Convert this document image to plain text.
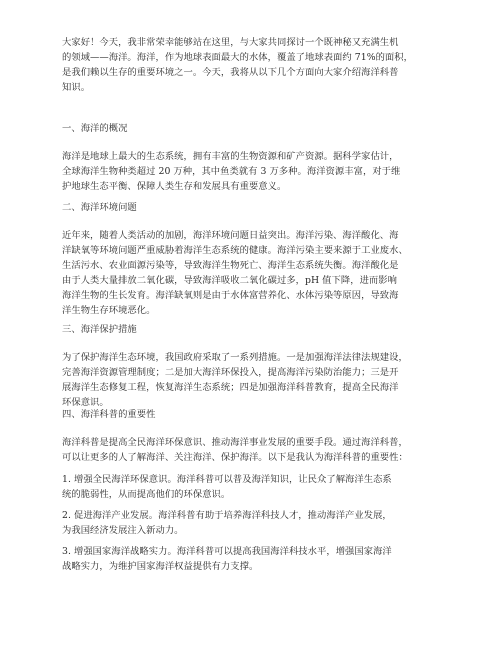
大家好！今天，我非常荣幸能够站在这里，与大家共同探讨一个既神秘又充满生机
的领域——海洋。海洋，作为地球表面最大的水体，覆盖了地球表面约 71%的面积，
是我们赖以生存的重要环境之一。今天，我将从以下几个方面向大家介绍海洋科普
知识。
一、海洋的概况
海洋是地球上最大的生态系统，拥有丰富的生物资源和矿产资源。据科学家估计，
全球海洋生物种类超过 20 万种，其中鱼类就有 3 万多种。海洋资源丰富，对于维
护地球生态平衡、保障人类生存和发展具有重要意义。
二、海洋环境问题
近年来，随着人类活动的加剧，海洋环境问题日益突出。海洋污染、海洋酸化、海
洋缺氧等环境问题严重威胁着海洋生态系统的健康。海洋污染主要来源于工业废水、
生活污水、农业面源污染等，导致海洋生物死亡、海洋生态系统失衡。海洋酸化是
由于人类大量排放二氧化碳，导致海洋吸收二氧化碳过多，pH 值下降，进而影响
海洋生物的生长发育。海洋缺氧则是由于水体富营养化、水体污染等原因，导致海
洋生物生存环境恶化。
三、海洋保护措施
为了保护海洋生态环境，我国政府采取了一系列措施。一是加强海洋法律法规建设，
完善海洋资源管理制度；二是加大海洋环保投入，提高海洋污染防治能力；三是开
展海洋生态修复工程，恢复海洋生态系统；四是加强海洋科普教育，提高全民海洋
环保意识。
四、海洋科普的重要性
海洋科普是提高全民海洋环保意识、推动海洋事业发展的重要手段。通过海洋科普，
可以让更多的人了解海洋、关注海洋、保护海洋。以下是我认为海洋科普的重要性：
1. 增强全民海洋环保意识。海洋科普可以普及海洋知识，让民众了解海洋生态系
统的脆弱性，从而提高他们的环保意识。
2. 促进海洋产业发展。海洋科普有助于培养海洋科技人才，推动海洋产业发展，
为我国经济发展注入新动力。
3. 增强国家海洋战略实力。海洋科普可以提高我国海洋科技水平，增强国家海洋
战略实力，为维护国家海洋权益提供有力支撑。
